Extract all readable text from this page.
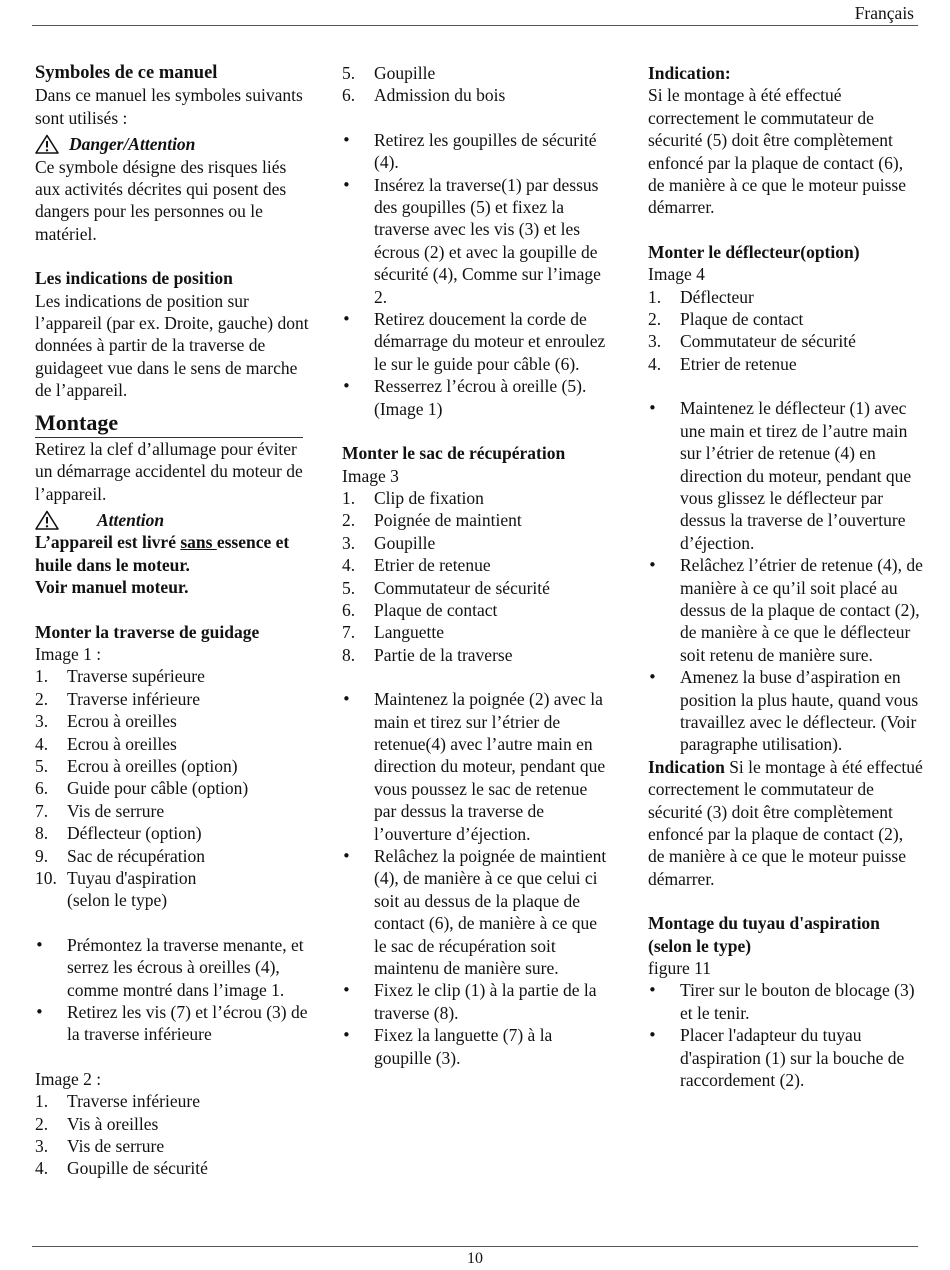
Français
Symboles de ce manuel

Dans ce manuel les symboles suivants sont utilisés :

Danger/Attention

Ce symbole désigne des risques liés aux activités décrites qui posent des dangers pour les personnes ou le matériel.

Les indications de position

Les indications de position sur l’appareil (par ex. Droite, gauche) dont données à partir de la traverse de guidageet vue dans le sens de marche de l’appareil.

Montage

Retirez la clef d’allumage pour éviter un démarrage accidentel du moteur de l’appareil.

Attention

L’appareil est livré sans essence et huile dans le moteur.
Voir manuel moteur.

Monter la traverse de guidage

Image 1 :

1. Traverse supérieure
2. Traverse inférieure
3. Ecrou à oreilles
4. Ecrou à oreilles
5. Ecrou à oreilles (option)
6. Guide pour câble (option)
7. Vis de serrure
8. Déflecteur (option)
9. Sac de récupération
10. Tuyau d'aspiration (selon le type)
• Prémontez la traverse menante, et serrez les écrous à oreilles (4), comme montré dans l’image 1.
• Retirez les vis (7) et l’écrou (3) de la traverse inférieure

Image 2 :

1. Traverse inférieure
2. Vis à oreilles
3. Vis de serrure
4. Goupille de sécurité
5. Goupille
6. Admission du bois
• Retirez les goupilles de sécurité (4).
• Insérez la traverse(1) par dessus des goupilles (5) et fixez la traverse avec les vis (3) et les écrous (2) et avec la goupille de sécurité (4), Comme sur l’image 2.
• Retirez doucement la corde de démarrage du moteur et enroulez le sur le guide pour câble (6).
• Resserrez l’écrou à oreille (5). (Image 1)
Monter le sac de récupération

Image 3

1. Clip de fixation
2. Poignée de maintient
3. Goupille
4. Etrier de retenue
5. Commutateur de sécurité
6. Plaque de contact
7. Languette
8. Partie de la traverse
• Maintenez la poignée (2) avec la main et tirez sur l’étrier de retenue(4) avec l’autre main en direction du moteur, pendant que vous poussez le sac de retenue par dessus la traverse de l’ouverture d’éjection.
• Relâchez la poignée de maintient (4), de manière à ce que celui ci soit au dessus de la plaque de contact (6), de manière à ce que le sac de récupération soit maintenu de manière sure.
• Fixez le clip (1) à la partie de la traverse (8).
• Fixez la languette (7) à la goupille (3).
Indication:

Si le montage à été effectué correctement le commutateur de sécurité (5) doit être complètement enfoncé par la plaque de contact (6), de manière à ce que le moteur puisse démarrer.

Monter le déflecteur(option)

Image 4

1. Déflecteur
2. Plaque de contact
3. Commutateur de sécurité
4. Etrier de retenue
• Maintenez le déflecteur (1) avec une main et tirez de l’autre main sur l’étrier de retenue (4) en direction du moteur, pendant que vous glissez le déflecteur par dessus la traverse de l’ouverture d’éjection.
• Relâchez l’étrier de retenue (4), de manière à ce qu’il soit placé au dessus de la plaque de contact (2), de manière à ce que le déflecteur soit retenu de manière sure.
• Amenez la buse d’aspiration en position la plus haute, quand vous travaillez avec le déflecteur. (Voir paragraphe utilisation).

Indication Si le montage à été effectué correctement le commutateur de sécurité (3) doit être complètement enfoncé par la plaque de contact (2), de manière à ce que le moteur puisse démarrer.

Montage du tuyau d'aspiration (selon le type)

figure 11

• Tirer sur le bouton de blocage (3) et le tenir.
• Placer l'adapteur du tuyau d'aspiration (1) sur la bouche de raccordement (2).
10
